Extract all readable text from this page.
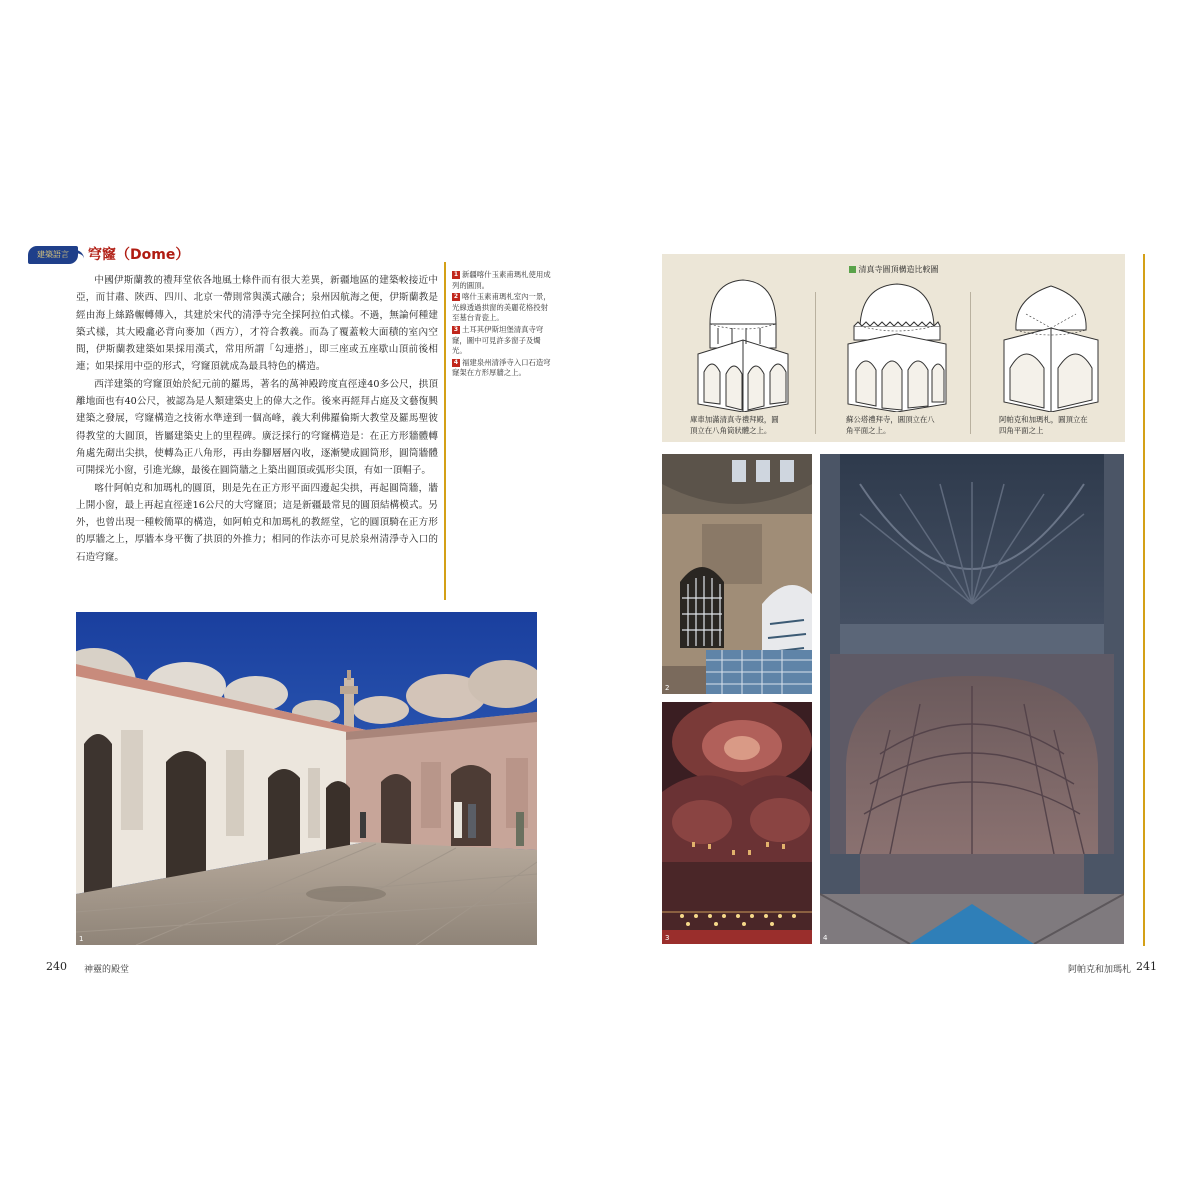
建築語言	穹窿（Dome）

中國伊斯蘭教的禮拜堂依各地風土條件而有很大差異，新疆地區的建築較接近中亞，而甘肅、陝西、四川、北京一帶則常與漢式融合；泉州因航海之便，伊斯蘭教是經由海上絲路輾轉傳入，其建於宋代的清淨寺完全採阿拉伯式樣。不過，無論何種建築式樣，其大殿龕必背向麥加（西方），才符合教義。而為了覆蓋較大面積的室內空間，伊斯蘭教建築如果採用漢式，常用所謂「勾連搭」，即三座或五座歇山頂前後相連；如果採用中亞的形式，穹窿頂就成為最具特色的構造。

西洋建築的穹窿頂始於紀元前的羅馬，著名的萬神殿跨度直徑達40多公尺，拱頂離地面也有40公尺，被認為是人類建築史上的偉大之作。後來再經拜占庭及文藝復興建築之發展，穹窿構造之技術水準達到一個高峰，義大利佛羅倫斯大教堂及羅馬聖彼得教堂的大圓頂，皆屬建築史上的里程碑。廣泛採行的穹窿構造是：在正方形牆體轉角處先砌出尖拱，使轉為正八角形，再由券腳層層內收，逐漸變成圓筒形，圓筒牆體可開採光小窗，引進光線，最後在圓筒牆之上築出圓頂或弧形尖頂，有如一頂帽子。

喀什阿帕克和加瑪札的圓頂，則是先在正方形平面四邊起尖拱，再起圓筒牆，牆上開小窗，最上再起直徑達16公尺的大穹窿頂；這是新疆最常見的圓頂結構模式。另外，也曾出現一種較簡單的構造，如阿帕克和加瑪札的教經堂，它的圓頂騎在正方形的厚牆之上，厚牆本身平衡了拱頂的外推力；相同的作法亦可見於泉州清淨寺入口的石造穹窿。

1 新疆喀什玉素甫瑪札使用成列的圓頂。
2 喀什玉素甫瑪札室內一景，光線透過拱窗的美麗花格投射至墓台青瓷上。
3 土耳其伊斯坦堡清真寺穹窿，圖中可見許多窗子及燭光。
4 福建泉州清淨寺入口石造穹窿架在方形厚牆之上。
1
240 神靈的殿堂
清真寺圓頂構造比較圖
庫車加滿清真寺禮拜殿，圓頂立在八角筒狀體之上。
蘇公塔禮拜寺，圓頂立在八角平面之上。
阿帕克和加瑪札，圓頂立在四角平面之上
2
3	4
阿帕克和加瑪札 241
